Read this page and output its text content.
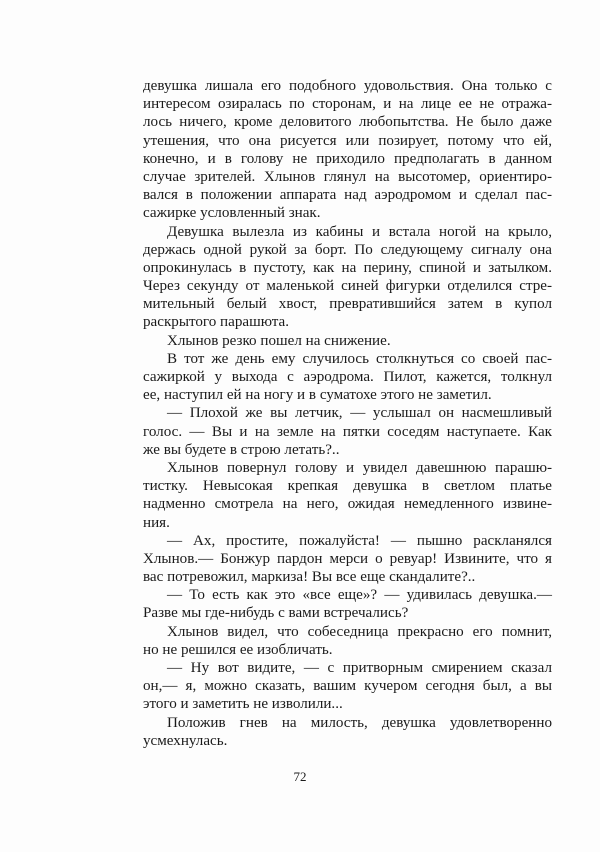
девушка лишала его подобного удовольствия. Она только с
интересом озиралась по сторонам, и на лице ее не отража-
лось ничего, кроме деловитого любопытства. Не было даже
утешения, что она рисуется или позирует, потому что ей,
конечно, и в голову не приходило предполагать в данном
случае зрителей. Хлынов глянул на высотомер, ориентиро-
вался в положении аппарата над аэродромом и сделал пас-
сажирке условленный знак.
Девушка вылезла из кабины и встала ногой на крыло,
держась одной рукой за борт. По следующему сигналу она
опрокинулась в пустоту, как на перину, спиной и затылком.
Через секунду от маленькой синей фигурки отделился стре-
мительный белый хвост, превратившийся затем в купол
раскрытого парашюта.
Хлынов резко пошел на снижение.
В тот же день ему случилось столкнуться со своей пас-
сажиркой у выхода с аэродрома. Пилот, кажется, толкнул
ее, наступил ей на ногу и в суматохе этого не заметил.
— Плохой же вы летчик, — услышал он насмешливый
голос. — Вы и на земле на пятки соседям наступаете. Как
же вы будете в строю летать?..
Хлынов повернул голову и увидел давешнюю парашю-
тистку. Невысокая крепкая девушка в светлом платье
надменно смотрела на него, ожидая немедленного извине-
ния.
— Ах, простите, пожалуйста! — пышно раскланялся
Хлынов.— Бонжур пардон мерси о ревуар! Извините, что я
вас потревожил, маркиза! Вы все еще скандалите?..
— То есть как это «все еще»? — удивилась девушка.—
Разве мы где-нибудь с вами встречались?
Хлынов видел, что собеседница прекрасно его помнит,
но не решился ее изобличать.
— Ну вот видите, — с притворным смирением сказал
он,— я, можно сказать, вашим кучером сегодня был, а вы
этого и заметить не изволили...
Положив гнев на милость, девушка удовлетворенно
усмехнулась.
72
